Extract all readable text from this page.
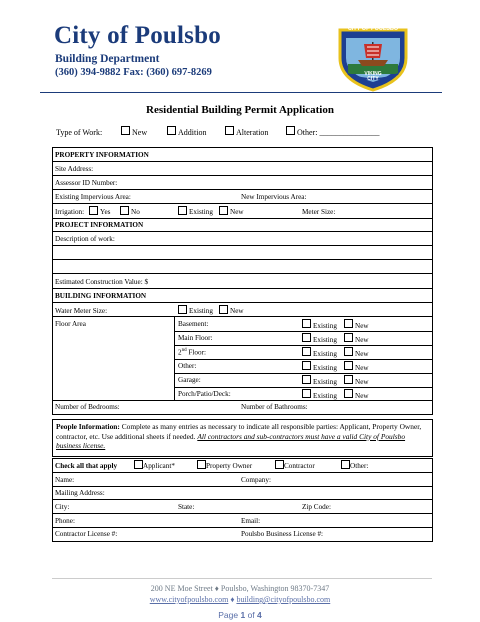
City of Poulsbo
Building Department
(360) 394-9882 Fax: (360) 697-8269
CITY OF POULSBO
VIKING
CITY
Residential Building Permit Application
Type of Work:	New	Addition	Alteration	Other: _______________
PROPERTY INFORMATION
Site Address:
Assessor ID Number:
Existing Impervious Area:	New Impervious Area:
Irrigation: Yes	No	Existing New	Meter Size:
PROJECT INFORMATION
Description of work:
Estimated Construction Value: $
BUILDING INFORMATION
Water Meter Size:	Existing New
Floor Area	Basement:	Existing	New
Main Floor:	Existing	New
2nd Floor:	Existing	New
Other:	Existing	New
Garage:	Existing	New
Porch/Patio/Deck:	Existing	New
Number of Bedrooms:	Number of Bathrooms:
People Information: Complete as many entries as necessary to indicate all responsible parties: Applicant, Property Owner, contractor, etc. Use additional sheets if needed. All contractors and sub-contractors must have a valid City of Poulsbo business license.
Check all that apply	Applicant*	Property Owner	Contractor	Other:
Name:	Company:
Mailing Address:
City:	State:	Zip Code:
Phone:	Email:
Contractor License #:	Poulsbo Business License #:
200 NE Moe Street ♦ Poulsbo, Washington 98370-7347
www.cityofpoulsbo.com ♦ building@cityofpoulsbo.com
Page 1 of 4
